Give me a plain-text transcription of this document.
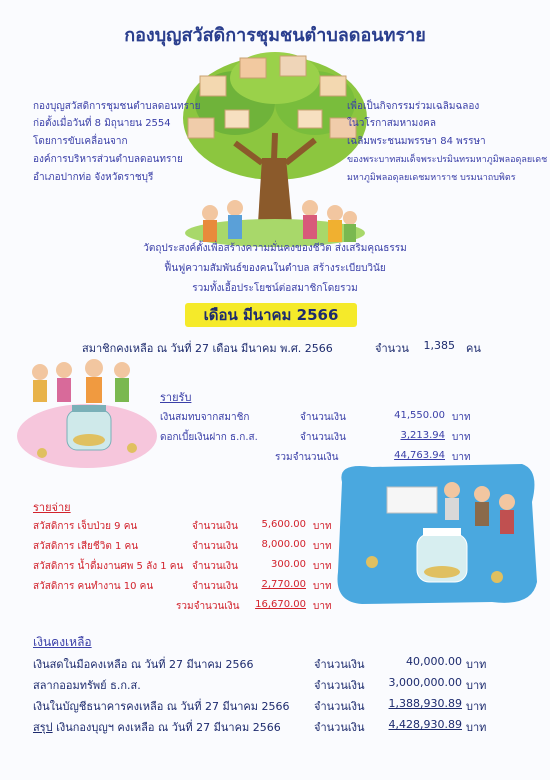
กองบุญสวัสดิการชุมชนตำบลดอนทราย
กองบุญสวัสดิการชุมชนตำบลดอนทราย
ก่อตั้งเมื่อวันที่ 8 มิถุนายน 2554
โดยการขับเคลื่อนจาก
องค์การบริหารส่วนตำบลดอนทราย
อำเภอปากท่อ จังหวัดราชบุรี
เพื่อเป็นกิจกรรมร่วมเฉลิมฉลอง
ในวโรกาสมหามงคล
เฉลิมพระชนมพรรษา 84 พรรษา
ของพระบาทสมเด็จพระปรมินทรมหาภูมิพลอดุลยเดช
มหาภูมิพลอดุลยเดชมหาราช บรมนาถบพิตร
วัตถุประสงค์ตั้งเพื่อสร้างความมั่นคงของชีวิต ส่งเสริมคุณธรรม
ฟื้นฟูความสัมพันธ์ของคนในตำบล สร้างระเบียบวินัย
รวมทั้งเอื้อประโยชน์ต่อสมาชิกโดยรวม
เดือน มีนาคม 2566
สมาชิกคงเหลือ ณ วันที่ 27 เดือน มีนาคม พ.ศ. 2566	จำนวน	1,385 คน
รายรับ
เงินสมทบจากสมาชิก	จำนวนเงิน	41,550.00 บาท
ดอกเบี้ยเงินฝาก ธ.ก.ส.	จำนวนเงิน	3,213.94 บาท
รวมจำนวนเงิน	44,763.94 บาท
รายจ่าย
สวัสดิการ เจ็บป่วย 9 คน	จำนวนเงิน	5,600.00 บาท
สวัสดิการ เสียชีวิต 1 คน	จำนวนเงิน	8,000.00 บาท
สวัสดิการ น้ำดื่มงานศพ 5 ลัง 1 คน จำนวนเงิน	300.00 บาท
สวัสดิการ คนทำงาน 10 คน	จำนวนเงิน	2,770.00 บาท
รวมจำนวนเงิน	16,670.00 บาท
เงินคงเหลือ
เงินสดในมือคงเหลือ ณ วันที่ 27 มีนาคม 2566	จำนวนเงิน	40,000.00 บาท
สลากออมทรัพย์ ธ.ก.ส.	จำนวนเงิน	3,000,000.00 บาท
เงินในบัญชีธนาคารคงเหลือ ณ วันที่ 27 มีนาคม 2566 จำนวนเงิน	1,388,930.89 บาท
สรุป เงินกองบุญฯ คงเหลือ ณ วันที่ 27 มีนาคม 2566	จำนวนเงิน	4,428,930.89 บาท
